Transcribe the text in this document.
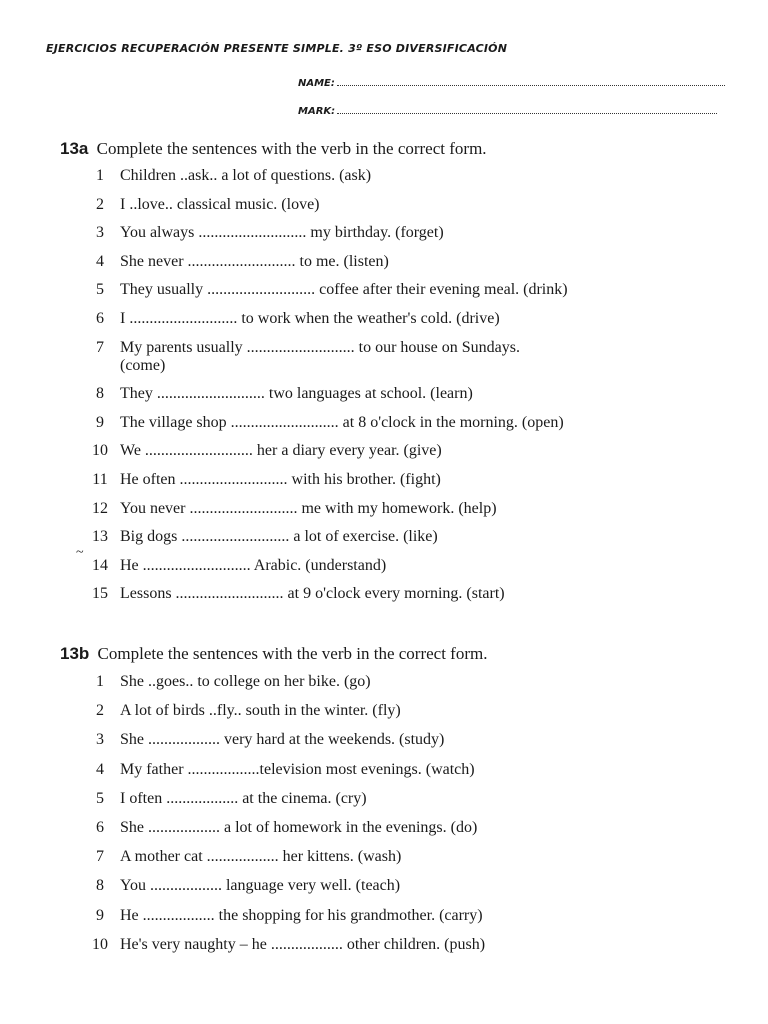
EJERCICIOS RECUPERACIÓN PRESENTE SIMPLE. 3º ESO DIVERSIFICACIÓN
NAME:
MARK:
13a Complete the sentences with the verb in the correct form.
1	Children ..ask.. a lot of questions. (ask)
2	I ..love.. classical music. (love)
3	You always ........................... my birthday. (forget)
4	She never ........................... to me. (listen)
5	They usually ........................... coffee after their evening meal. (drink)
6	I ........................... to work when the weather's cold. (drive)
7	My parents usually ........................... to our house on Sundays.
(come)
8	They ........................... two languages at school. (learn)
9	The village shop ........................... at 8 o'clock in the morning. (open)
10 We ........................... her a diary every year. (give)
11 He often ........................... with his brother. (fight)
12 You never ........................... me with my homework. (help)
13 Big dogs ........................... a lot of exercise. (like)
14 He ........................... Arabic. (understand)
15 Lessons ........................... at 9 o'clock every morning. (start)
~
13b Complete the sentences with the verb in the correct form.
1	She ..goes.. to college on her bike. (go)
2	A lot of birds ..fly.. south in the winter. (fly)
3	She .................. very hard at the weekends. (study)
4	My father ..................television most evenings. (watch)
5	I often .................. at the cinema. (cry)
6	She .................. a lot of homework in the evenings. (do)
7	A mother cat .................. her kittens. (wash)
8	You .................. language very well. (teach)
9	He .................. the shopping for his grandmother. (carry)
10 He's very naughty – he .................. other children. (push)
